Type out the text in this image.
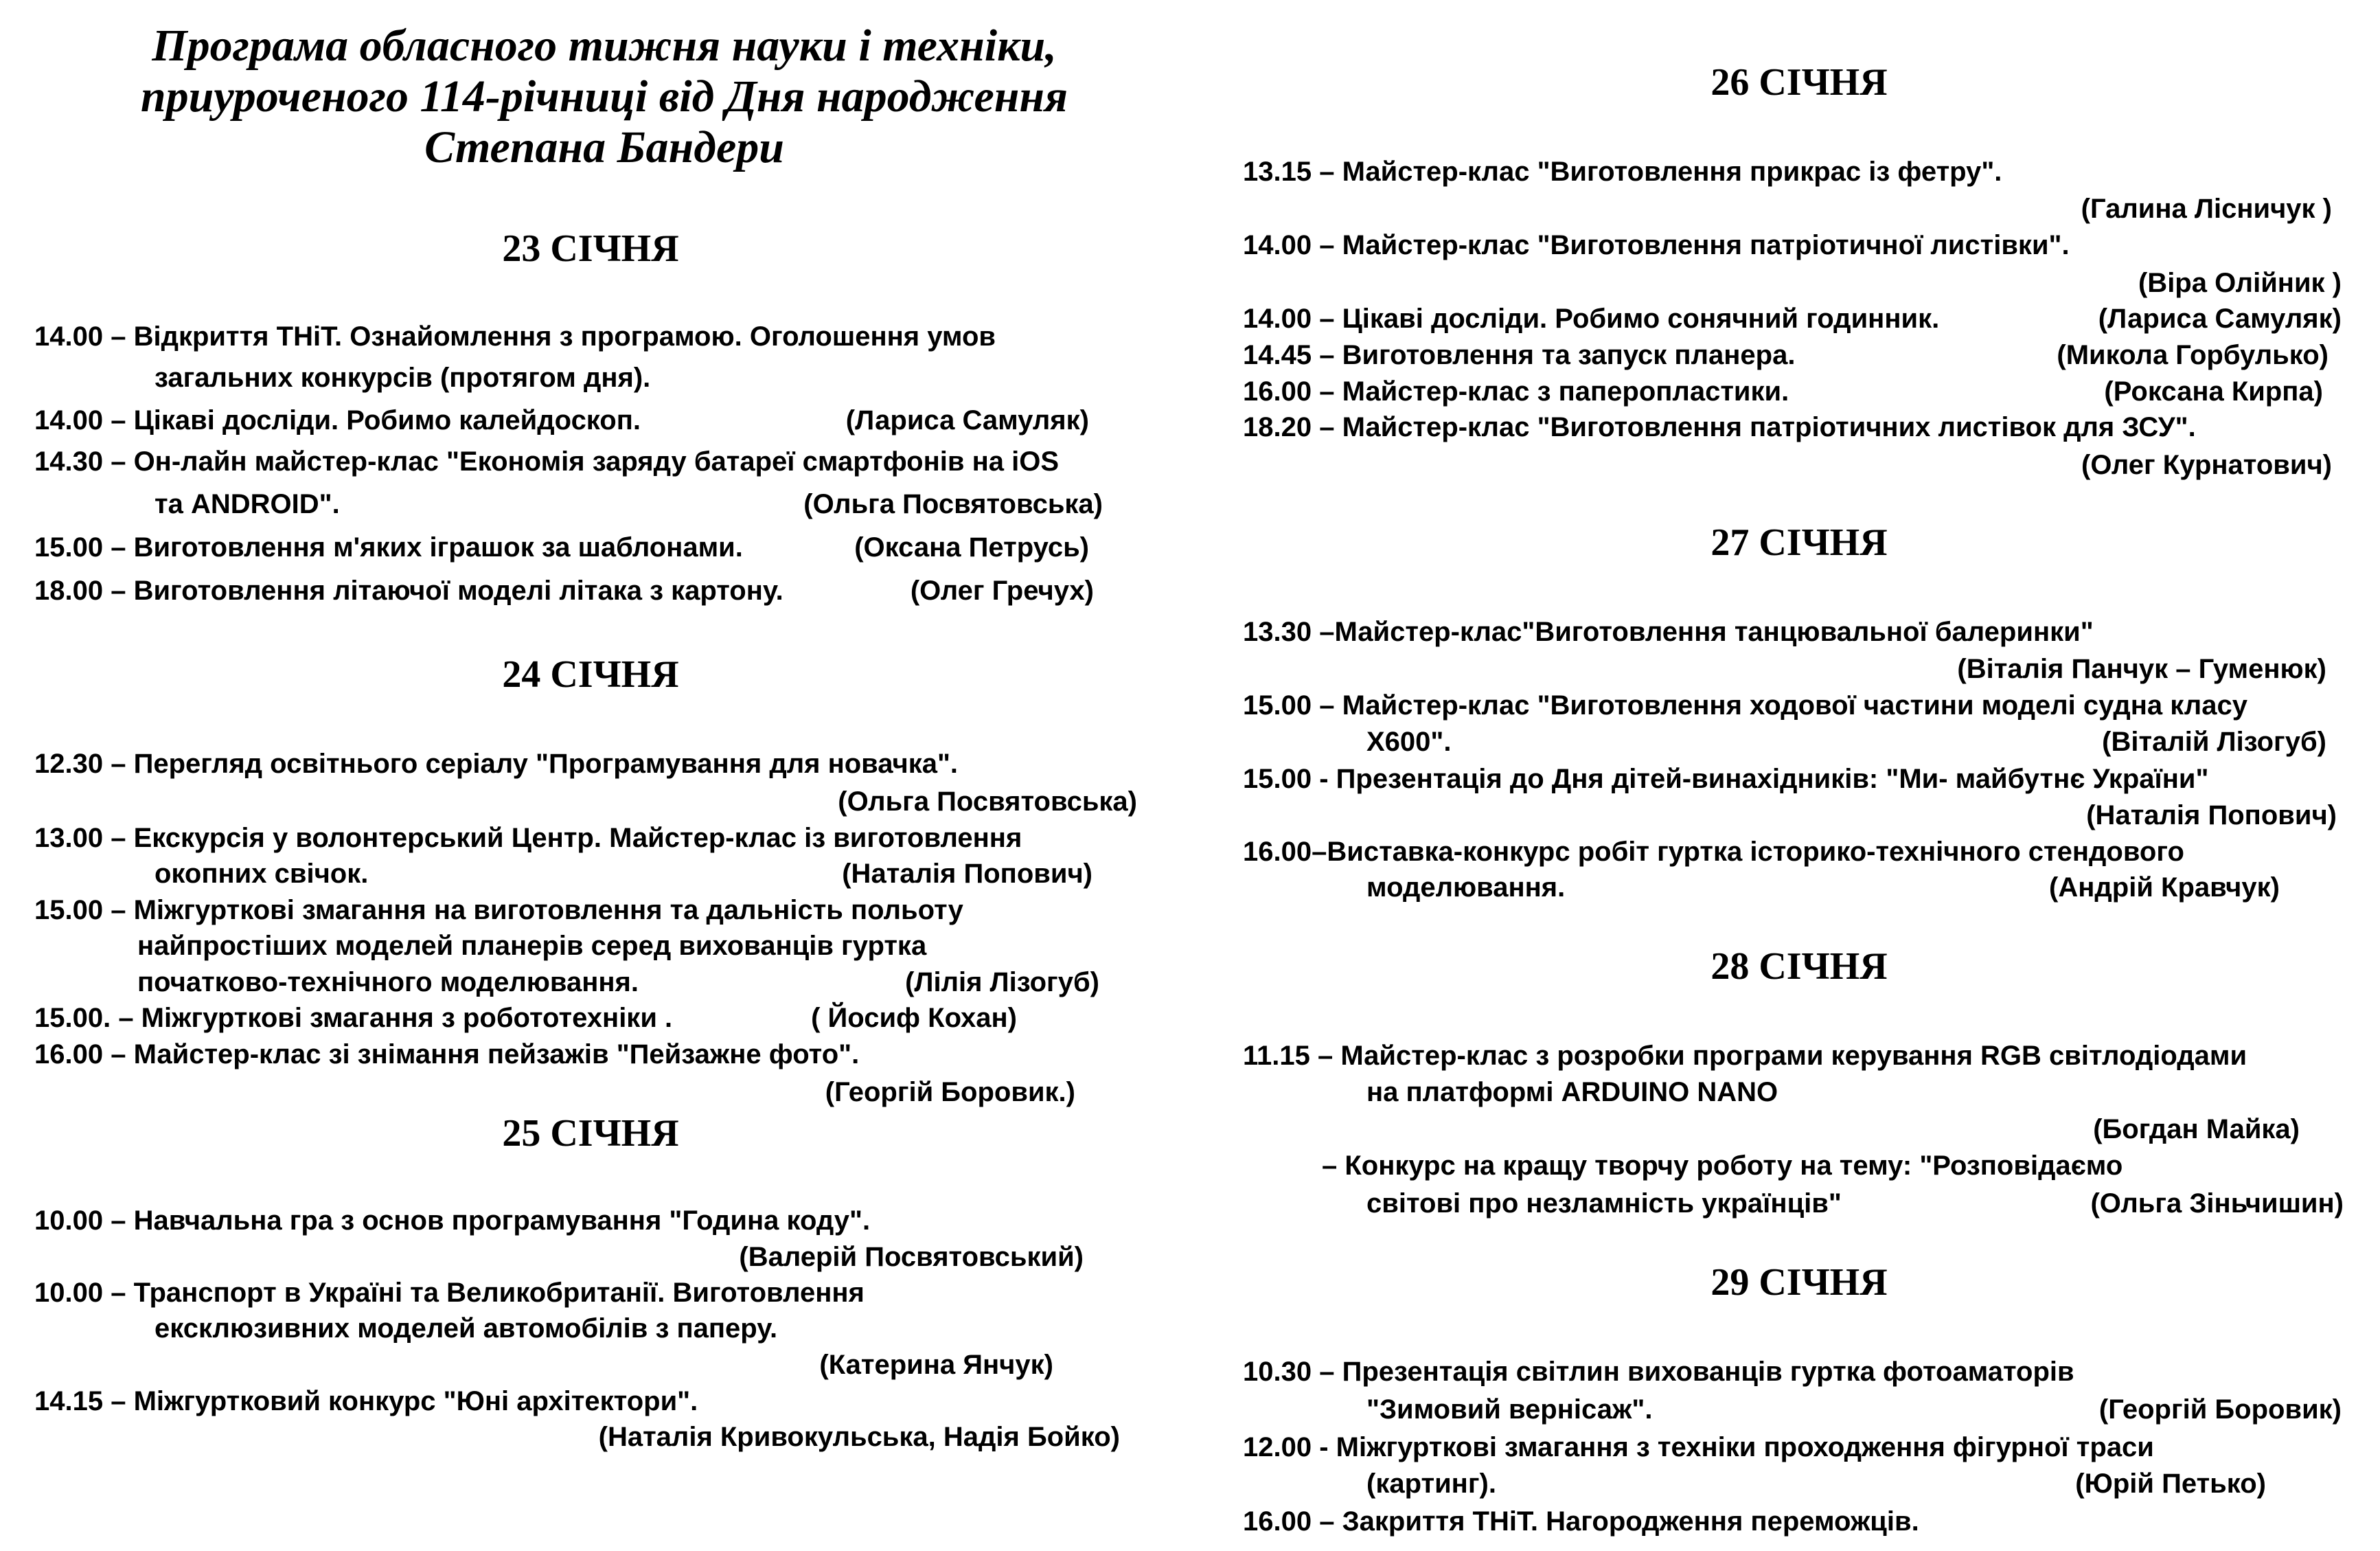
Програма обласного тижня науки і техніки,
приуроченого 114-річниці від Дня народження
Степана Бандери
23 СІЧНЯ
14.00 – Відкриття ТНіТ. Ознайомлення з програмою. Оголошення умов
загальних конкурсів (протягом дня).
14.00 – Цікаві досліди. Робимо калейдоскоп.	(Лариса Самуляк)
14.30 – Он-лайн майстер-клас "Економія заряду батареї смартфонів на iOS
та ANDROID".	(Ольга Посвятовська)
15.00 – Виготовлення м'яких іграшок за шаблонами.	(Оксана Петрусь)
18.00 – Виготовлення літаючої моделі літака з картону.	(Олег Гречух)
24 СІЧНЯ
12.30 – Перегляд освітнього серіалу "Програмування для новачка".
(Ольга Посвятовська)
13.00 – Екскурсія у волонтерський Центр. Майстер-клас із виготовлення
окопних свічок.	(Наталія Попович)
15.00 – Міжгурткові змагання на виготовлення та дальність польоту
найпростіших моделей планерів серед вихованців гуртка
початково-технічного моделювання.	(Лілія Лізогуб)
15.00. – Міжгурткові змагання з робототехніки .	( Йосиф Кохан)
16.00 – Майстер-клас зі знімання пейзажів "Пейзажне фото".
(Георгій Боровик.)
25 СІЧНЯ
10.00 – Навчальна гра з основ програмування "Година коду".
(Валерій Посвятовський)
10.00 – Транспорт в Україні та Великобританії. Виготовлення
ексклюзивних моделей автомобілів з паперу.
(Катерина Янчук)
14.15 – Міжгуртковий конкурс "Юні архітектори".
(Наталія Кривокульська, Надія Бойко)
26 СІЧНЯ
13.15 – Майстер-клас "Виготовлення прикрас із фетру".
(Галина Лісничук )
14.00 – Майстер-клас "Виготовлення патріотичної листівки".
(Віра Олійник )
14.00 – Цікаві досліди. Робимо сонячний годинник.	(Лариса Самуляк)
14.45 – Виготовлення та запуск планера.	(Микола Горбулько)
16.00 – Майстер-клас з паперопластики.	(Роксана Кирпа)
18.20 – Майстер-клас "Виготовлення патріотичних листівок для ЗСУ".
(Олег Курнатович)
27 СІЧНЯ
13.30 –Майстер-клас"Виготовлення танцювальної балеринки"
(Віталія Панчук – Гуменюк)
15.00 – Майстер-клас "Виготовлення ходової частини моделі судна класу
X600".	(Віталій Лізогуб)
15.00 - Презентація до Дня дітей-винахідників: "Ми- майбутнє України"
(Наталія Попович)
16.00–Виставка-конкурс робіт гуртка історико-технічного стендового
моделювання.	(Андрій Кравчук)
28 СІЧНЯ
11.15 – Майстер-клас з розробки програми керування RGB світлодіодами
на платформі ARDUINO NANO
(Богдан Майка)
– Конкурс на кращу творчу роботу на тему: "Розповідаємо
світові про незламність українців"	(Ольга Зіньчишин)
29 СІЧНЯ
10.30 – Презентація світлин вихованців гуртка фотоаматорів
"Зимовий вернісаж".	(Георгій Боровик)
12.00 - Міжгурткові змагання з техніки проходження фігурної траси
(картинг).	(Юрій Петько)
16.00 – Закриття ТНіТ. Нагородження переможців.
